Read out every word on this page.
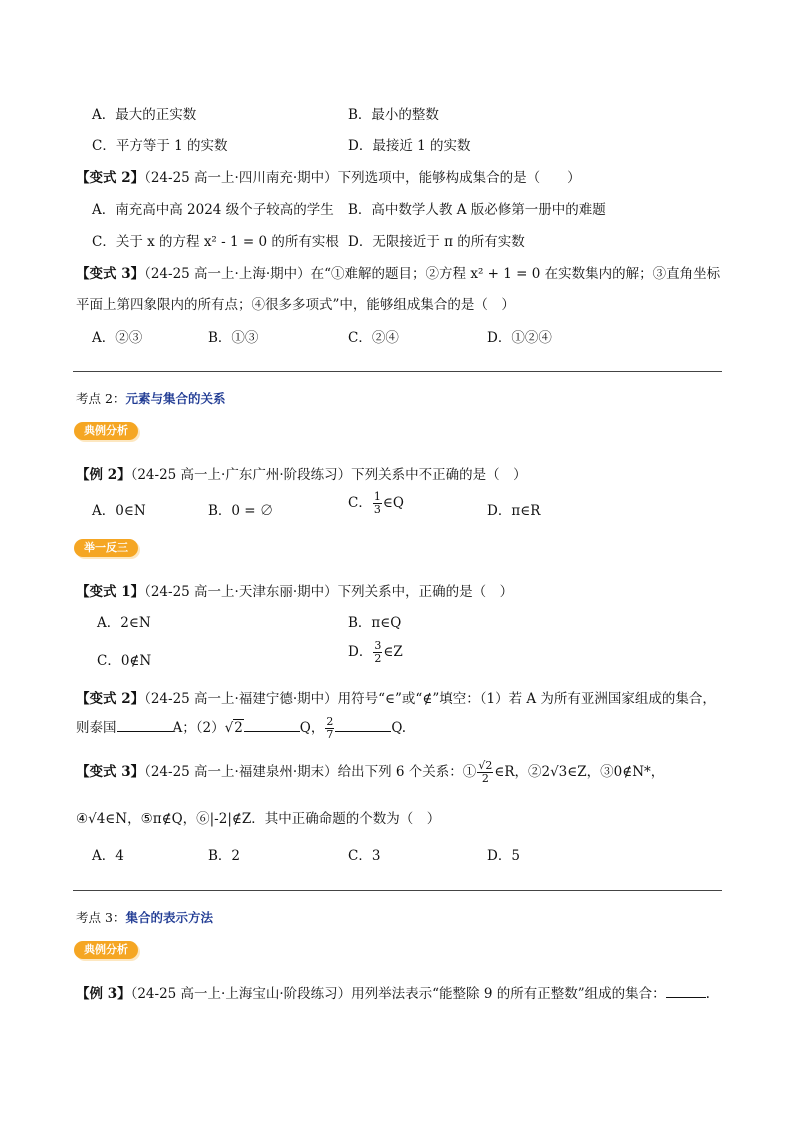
A．最大的正实数	B．最小的整数
C．平方等于 1 的实数	D．最接近 1 的实数
【变式 2】（24-25 高一上·四川南充·期中）下列选项中，能够构成集合的是（　　）
A．南充高中高 2024 级个子较高的学生 B．高中数学人教 A 版必修第一册中的难题
C．关于 x 的方程 x² - 1 = 0 的所有实根 D．无限接近于 π 的所有实数
【变式 3】（24-25 高一上·上海·期中）在“①难解的题目；②方程 x² + 1 = 0 在实数集内的解；③直角坐标
平面上第四象限内的所有点；④很多多项式”中，能够组成集合的是（　）
A．②③	B．①③	C．②④	D．①②④
考点 2：元素与集合的关系
典例分析
【例 2】（24-25 高一上·广东广州·阶段练习）下列关系中不正确的是（　）
A．0∈N	B．0 = ∅	C． $\frac{1}{3}$ ∈Q	D．π∈R
举一反三
【变式 1】（24-25 高一上·天津东丽·期中）下列关系中，正确的是（　）
A．2∈N	B．π∈Q
C．0∉N
D． $\frac{3}{2}$ ∈Z
【变式 2】（24-25 高一上·福建宁德·期中）用符号“∈”或“∉”填空：（1）若 A 为所有亚洲国家组成的集合，
则泰国	A；（2）√2	Q， $\frac{2}{7}$	Q.
【变式 3】（24-25 高一上·福建泉州·期末）给出下列 6 个关系：① $\frac{√2}{2}$ ∈R，②2√3∈Z，③0∉N*，
④√4∈N，⑤π∉Q，⑥|-2|∉Z．其中正确命题的个数为（　）
A．4	B．2	C．3	D．5
考点 3：集合的表示方法
典例分析
【例 3】（24-25 高一上·上海宝山·阶段练习）用列举法表示“能整除 9 的所有正整数”组成的集合：	.
